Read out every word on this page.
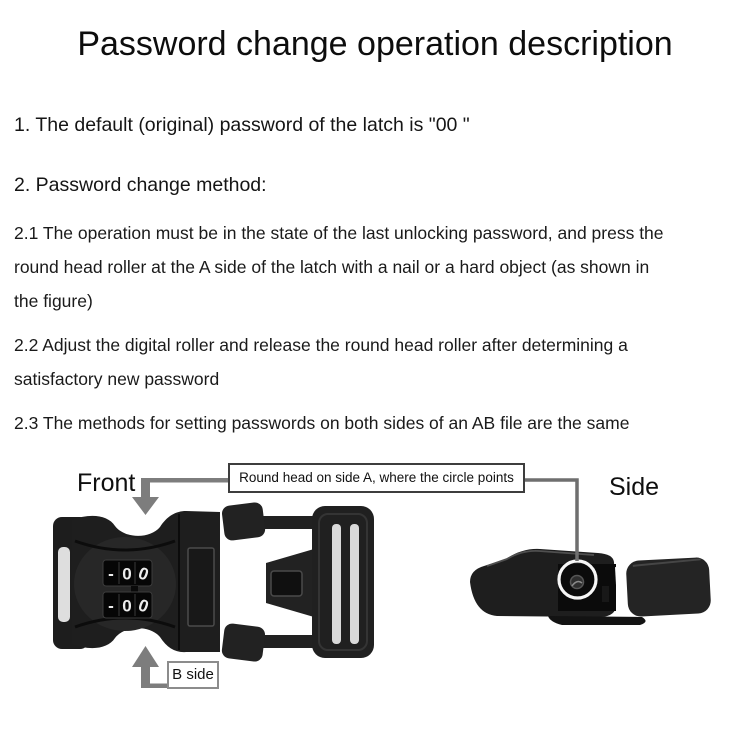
Password change operation description
1. The default (original) password of the latch is "00 "
2. Password change method:
2.1 The operation must be in the state of the last unlocking password, and press the
round head roller at the A side of the latch with a nail or a hard object (as shown in
the figure)
2.2 Adjust the digital roller and release the round head roller after determining a
satisfactory new password
2.3 The methods for setting passwords on both sides of an AB file are the same
- 0 0
- 0 0
Front	Round head on side A, where the circle points	Side
B side
